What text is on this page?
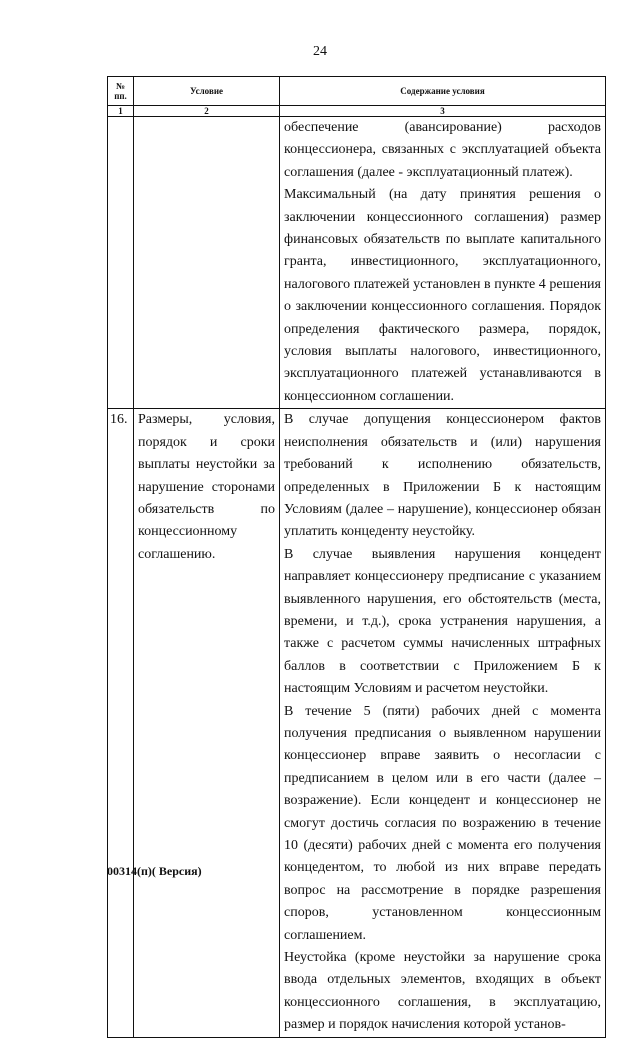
24
№ пп.	Условие	Содержание условия
1	2	3

		обеспечение (авансирование) расходов концессионера, связанных с эксплуатацией объекта соглашения (далее - эксплуатационный платеж).

Максимальный (на дату принятия решения о заключении концессионного соглашения) размер финансовых обязательств по выплате капитального гранта, инвестиционного, эксплуатационного, налогового платежей установлен в пункте 4 решения о заключении концессионного соглашения. Порядок определения фактического размера, порядок, условия выплаты налогового, инвестиционного, эксплуатационного платежей устанавливаются в концессионном соглашении.

16.	Размеры, условия, порядок и сроки выплаты неустойки за нарушение сторонами обязательств по концессионному соглашению.	В случае допущения концессионером фактов неисполнения обязательств и (или) нарушения требований к исполнению обязательств, определенных в Приложении Б к настоящим Условиям (далее – нарушение), концессионер обязан уплатить концеденту неустойку.

В случае выявления нарушения концедент направляет концессионеру предписание с указанием выявленного нарушения, его обстоятельств (места, времени, и т.д.), срока устранения нарушения, а также с расчетом суммы начисленных штрафных баллов в соответствии с Приложением Б к настоящим Условиям и расчетом неустойки.

В течение 5 (пяти) рабочих дней с момента получения предписания о выявленном нарушении концессионер вправе заявить о несогласии с предписанием в целом или в его части (далее – возражение). Если концедент и концессионер не смогут достичь согласия по возражению в течение 10 (десяти) рабочих дней с момента его получения концедентом, то любой из них вправе передать вопрос на рассмотрение в порядке разрешения споров, установленном концессионным соглашением.

Неустойка (кроме неустойки за нарушение срока ввода отдельных элементов, входящих в объект концессионного соглашения, в эксплуатацию, размер и порядок начисления которой установ-

00314(п)( Версия)
